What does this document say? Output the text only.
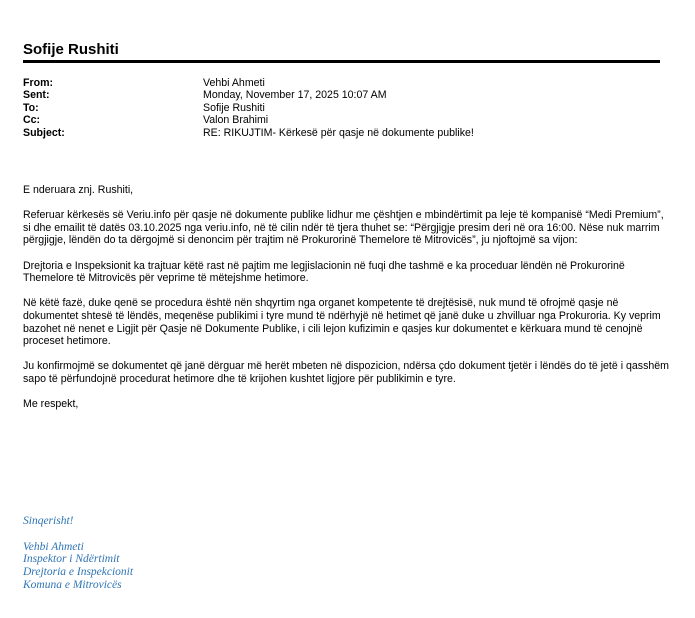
Sofije Rushiti
From:	Vehbi Ahmeti
Sent:	Monday, November 17, 2025 10:07 AM
To:	Sofije Rushiti
Cc:	Valon Brahimi
Subject:	RE: RIKUJTIM- Kërkesë për qasje në dokumente publike!

E nderuara znj. Rushiti,

Referuar kërkesës së Veriu.info për qasje në dokumente publike lidhur me çështjen e mbindërtimit pa leje të kompanisë “Medi Premium”, si dhe emailit të datës 03.10.2025 nga veriu.info, në të cilin ndër të tjera thuhet se: “Përgjigje presim deri në ora 16:00. Nëse nuk marrim përgjigje, lëndën do ta dërgojmë si denoncim për trajtim në Prokurorinë Themelore të Mitrovicës”, ju njoftojmë sa vijon:

Drejtoria e Inspeksionit ka trajtuar këtë rast në pajtim me legjislacionin në fuqi dhe tashmë e ka proceduar lëndën në Prokurorinë Themelore të Mitrovicës për veprime të mëtejshme hetimore.

Në këtë fazë, duke qenë se procedura është nën shqyrtim nga organet kompetente të drejtësisë, nuk mund të ofrojmë qasje në dokumentet shtesë të lëndës, meqenëse publikimi i tyre mund të ndërhyjë në hetimet që janë duke u zhvilluar nga Prokuroria. Ky veprim bazohet në nenet e Ligjit për Qasje në Dokumente Publike, i cili lejon kufizimin e qasjes kur dokumentet e kërkuara mund të cenojnë proceset hetimore.

Ju konfirmojmë se dokumentet që janë dërguar më herët mbeten në dispozicion, ndërsa çdo dokument tjetër i lëndës do të jetë i qasshëm sapo të përfundojnë procedurat hetimore dhe të krijohen kushtet ligjore për publikimin e tyre.

Me respekt,

Sinqerisht!
Vehbi Ahmeti
Inspektor i Ndërtimit
Drejtoria e Inspekcionit
Komuna e Mitrovicës
